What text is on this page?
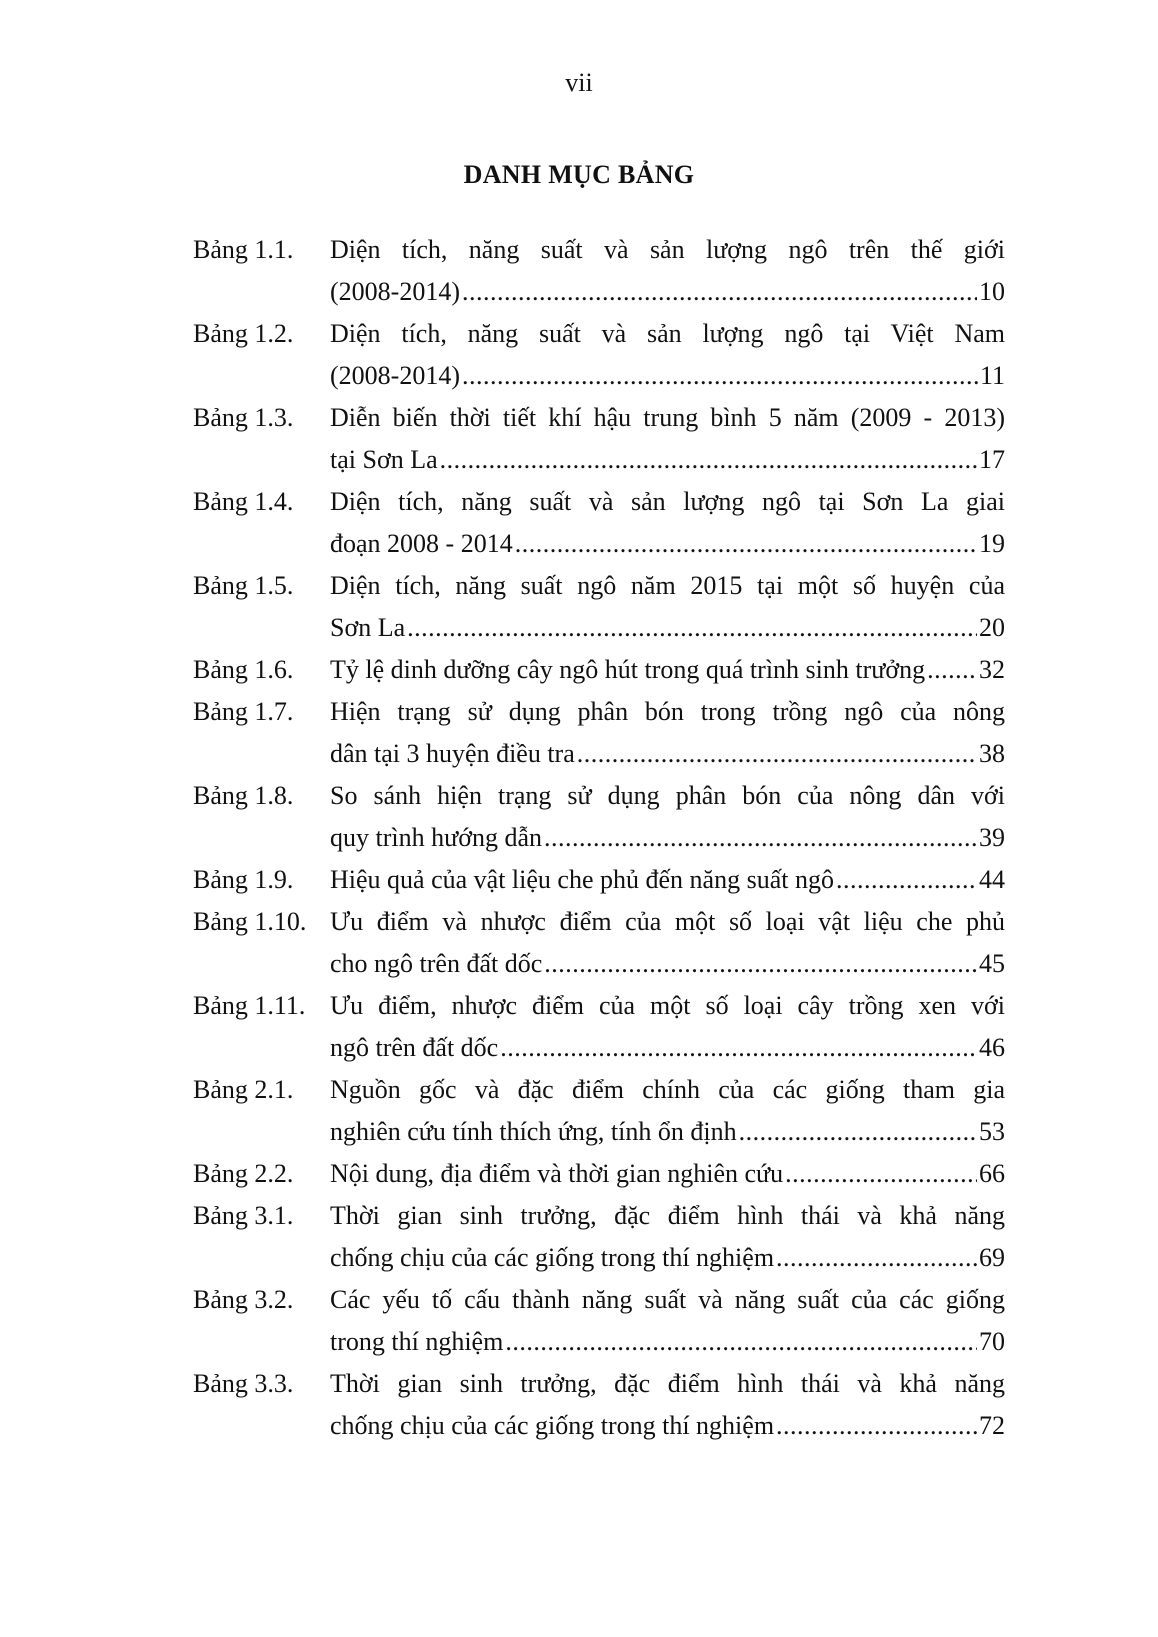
vii
DANH MỤC BẢNG
Bảng 1.1.	Diện tích, năng suất và sản lượng ngô trên thế giới
(2008-2014) .....	10
Bảng 1.2.	Diện tích, năng suất và sản lượng ngô tại Việt Nam
(2008-2014) .....	11
Bảng 1.3.	Diễn biến thời tiết khí hậu trung bình 5 năm (2009 - 2013)
tại Sơn La .....	17
Bảng 1.4.	Diện tích, năng suất và sản lượng ngô tại Sơn La giai
đoạn 2008 - 2014 .....	19
Bảng 1.5.	Diện tích, năng suất ngô năm 2015 tại một số huyện của
Sơn La .....	20
Bảng 1.6.	Tỷ lệ dinh dưỡng cây ngô hút trong quá trình sinh trưởng ..... 32
Bảng 1.7.	Hiện trạng sử dụng phân bón trong trồng ngô của nông
dân tại 3 huyện điều tra .....	38
Bảng 1.8.	So sánh hiện trạng sử dụng phân bón của nông dân với
quy trình hướng dẫn .....	39
Bảng 1.9.	Hiệu quả của vật liệu che phủ đến năng suất ngô .....	44
Bảng 1.10. Ưu điểm và nhược điểm của một số loại vật liệu che phủ
cho ngô trên đất dốc .....	45
Bảng 1.11. Ưu điểm, nhược điểm của một số loại cây trồng xen với
ngô trên đất dốc .....	46
Bảng 2.1.	Nguồn gốc và đặc điểm chính của các giống tham gia
nghiên cứu tính thích ứng, tính ổn định .....	53
Bảng 2.2.	Nội dung, địa điểm và thời gian nghiên cứu .....	66
Bảng 3.1.	Thời gian sinh trưởng, đặc điểm hình thái và khả năng
chống chịu của các giống trong thí nghiệm .....	69
Bảng 3.2.	Các yếu tố cấu thành năng suất và năng suất của các giống
trong thí nghiệm .....	70
Bảng 3.3.	Thời gian sinh trưởng, đặc điểm hình thái và khả năng
chống chịu của các giống trong thí nghiệm .....	72
